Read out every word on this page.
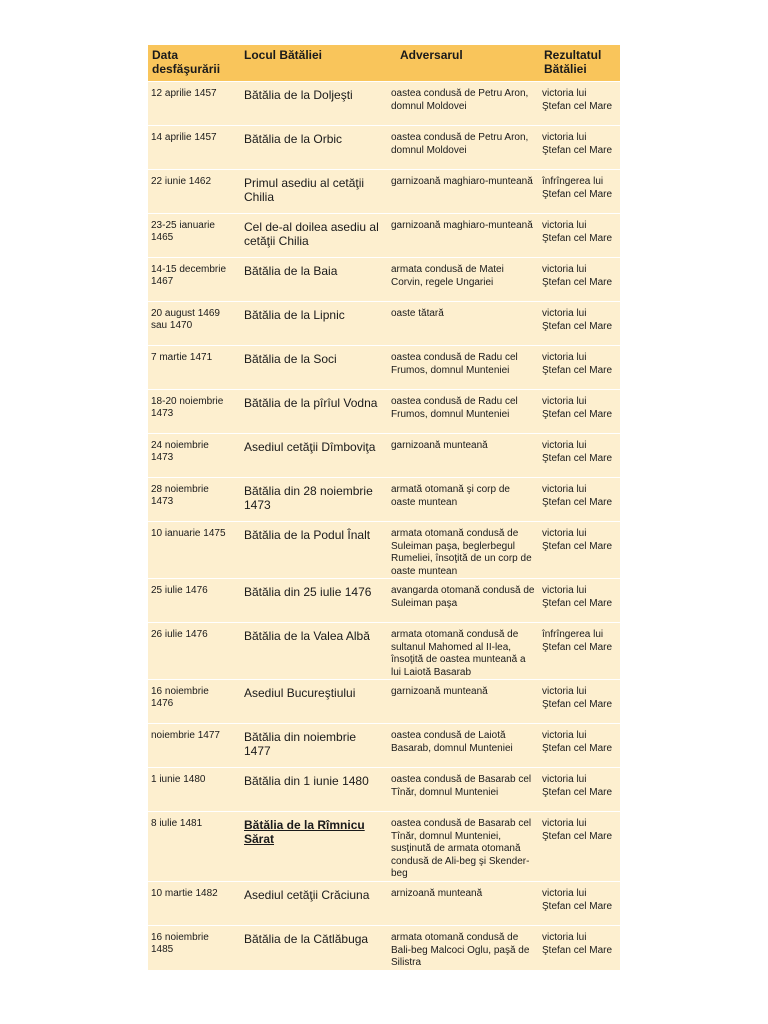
Data desfăşurării	Locul Bătăliei	Adversarul	Rezultatul Bătăliei
12 aprilie 1457	Bătălia de la Doljeşti	oastea condusă de Petru Aron, domnul Moldovei	victoria lui Ştefan cel Mare
14 aprilie 1457	Bătălia de la Orbic	oastea condusă de Petru Aron, domnul Moldovei	victoria lui Ştefan cel Mare
22 iunie 1462	Primul asediu al cetăţii Chilia	garnizoană maghiaro-munteană	înfrîngerea lui Ştefan cel Mare
23-25 ianuarie 1465	Cel de-al doilea asediu al cetăţii Chilia	garnizoană maghiaro-munteană	victoria lui Ştefan cel Mare
14-15 decembrie 1467	Bătălia de la Baia	armata condusă de Matei Corvin, regele Ungariei	victoria lui Ştefan cel Mare
20 august 1469 sau 1470	Bătălia de la Lipnic	oaste tătară	victoria lui Ştefan cel Mare
7 martie 1471	Bătălia de la Soci	oastea condusă de Radu cel Frumos, domnul Munteniei	victoria lui Ştefan cel Mare
18-20 noiembrie 1473	Bătălia de la pîrîul Vodna	oastea condusă de Radu cel Frumos, domnul Munteniei	victoria lui Ştefan cel Mare
24 noiembrie 1473	Asediul cetăţii Dîmboviţa	garnizoană munteană	victoria lui Ştefan cel Mare
28 noiembrie 1473	Bătălia din 28 noiembrie 1473	armată otomană şi corp de oaste muntean	victoria lui Ştefan cel Mare
10 ianuarie 1475	Bătălia de la Podul Înalt	armata otomană condusă de Suleiman paşa, beglerbegul Rumeliei, însoţită de un corp de oaste muntean	victoria lui Ştefan cel Mare
25 iulie 1476	Bătălia din 25 iulie 1476	avangarda otomană condusă de Suleiman paşa	victoria lui Ştefan cel Mare
26 iulie 1476	Bătălia de la Valea Albă	armata otomană condusă de sultanul Mahomed al II-lea, însoţită de oastea munteană a lui Laiotă Basarab	înfrîngerea lui Ştefan cel Mare
16 noiembrie 1476	Asediul Bucureştiului	garnizoană munteană	victoria lui Ştefan cel Mare
noiembrie 1477	Bătălia din noiembrie 1477	oastea condusă de Laiotă Basarab, domnul Munteniei	victoria lui Ştefan cel Mare
1 iunie 1480	Bătălia din 1 iunie 1480	oastea condusă de Basarab cel Tînăr, domnul Munteniei	victoria lui Ştefan cel Mare
8 iulie 1481	Bătălia de la Rîmnicu Sărat	oastea condusă de Basarab cel Tînăr, domnul Munteniei, susţinută de armata otomană condusă de Ali-beg şi Skender-beg	victoria lui Ştefan cel Mare
10 martie 1482	Asediul cetăţii Crăciuna	arnizoană munteană	victoria lui Ştefan cel Mare
16 noiembrie 1485	Bătălia de la Cătlăbuga	armata otomană condusă de Bali-beg Malcoci Oglu, paşă de Silistra	victoria lui Ştefan cel Mare
